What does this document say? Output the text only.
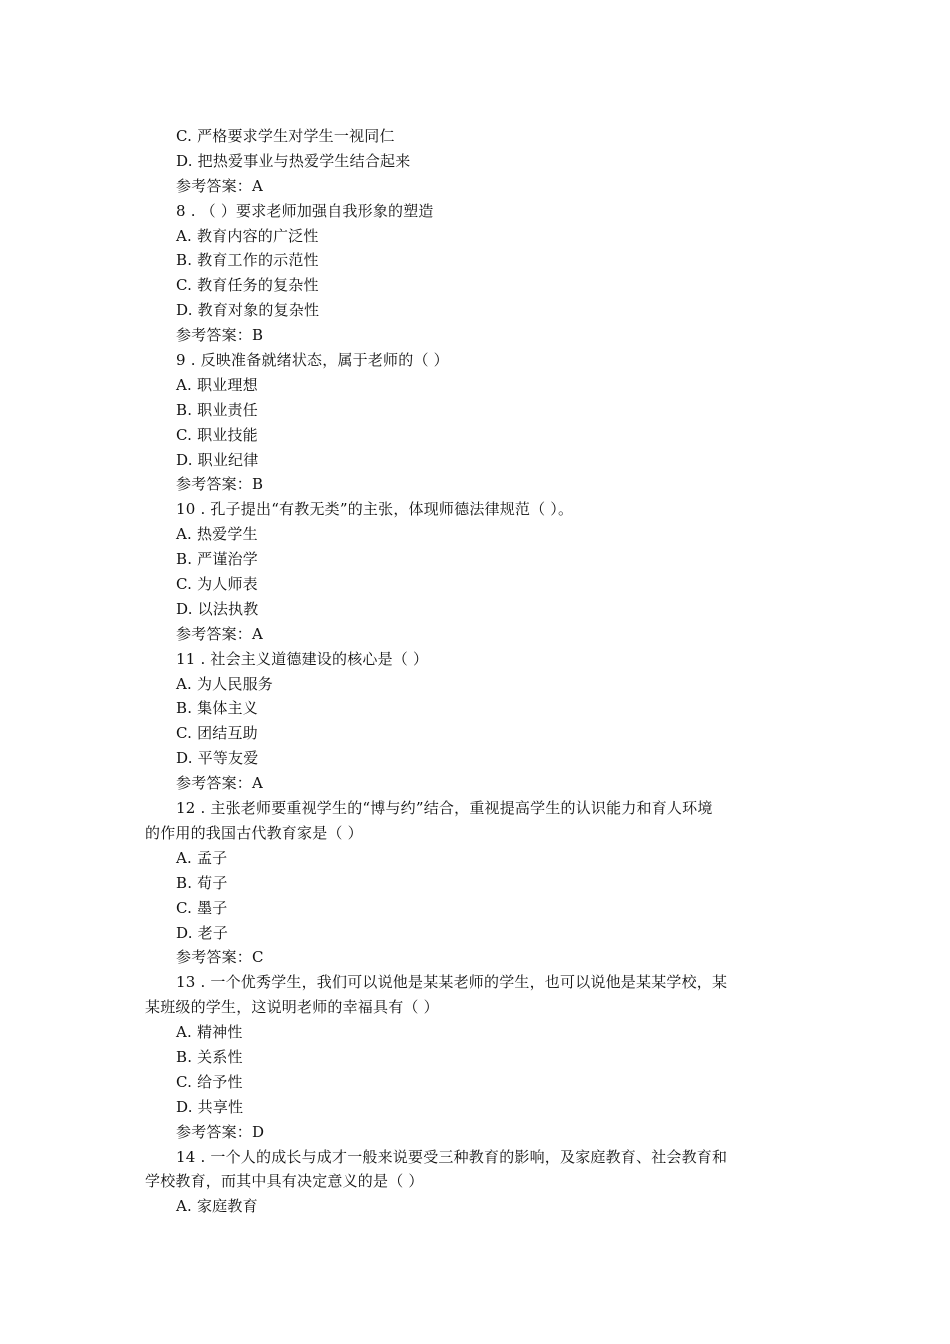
C. 严格要求学生对学生一视同仁
D. 把热爱事业与热爱学生结合起来
参考答案：A
8 . （ ）要求老师加强自我形象的塑造
A. 教育内容的广泛性
B. 教育工作的示范性
C. 教育任务的复杂性
D. 教育对象的复杂性
参考答案：B
9 . 反映准备就绪状态，属于老师的（ ）
A. 职业理想
B. 职业责任
C. 职业技能
D. 职业纪律
参考答案：B
10 . 孔子提出“有教无类”的主张，体现师德法律规范（ ）。
A. 热爱学生
B. 严谨治学
C. 为人师表
D. 以法执教
参考答案：A
11 . 社会主义道德建设的核心是（ ）
A. 为人民服务
B. 集体主义
C. 团结互助
D. 平等友爱
参考答案：A
12 . 主张老师要重视学生的“博与约”结合，重视提高学生的认识能力和育人环境
的作用的我国古代教育家是（ ）
A. 孟子
B. 荀子
C. 墨子
D. 老子
参考答案：C
13 . 一个优秀学生，我们可以说他是某某老师的学生，也可以说他是某某学校，某
某班级的学生，这说明老师的幸福具有（ ）
A. 精神性
B. 关系性
C. 给予性
D. 共享性
参考答案：D
14 . 一个人的成长与成才一般来说要受三种教育的影响，及家庭教育、社会教育和
学校教育，而其中具有决定意义的是（ ）
A. 家庭教育
